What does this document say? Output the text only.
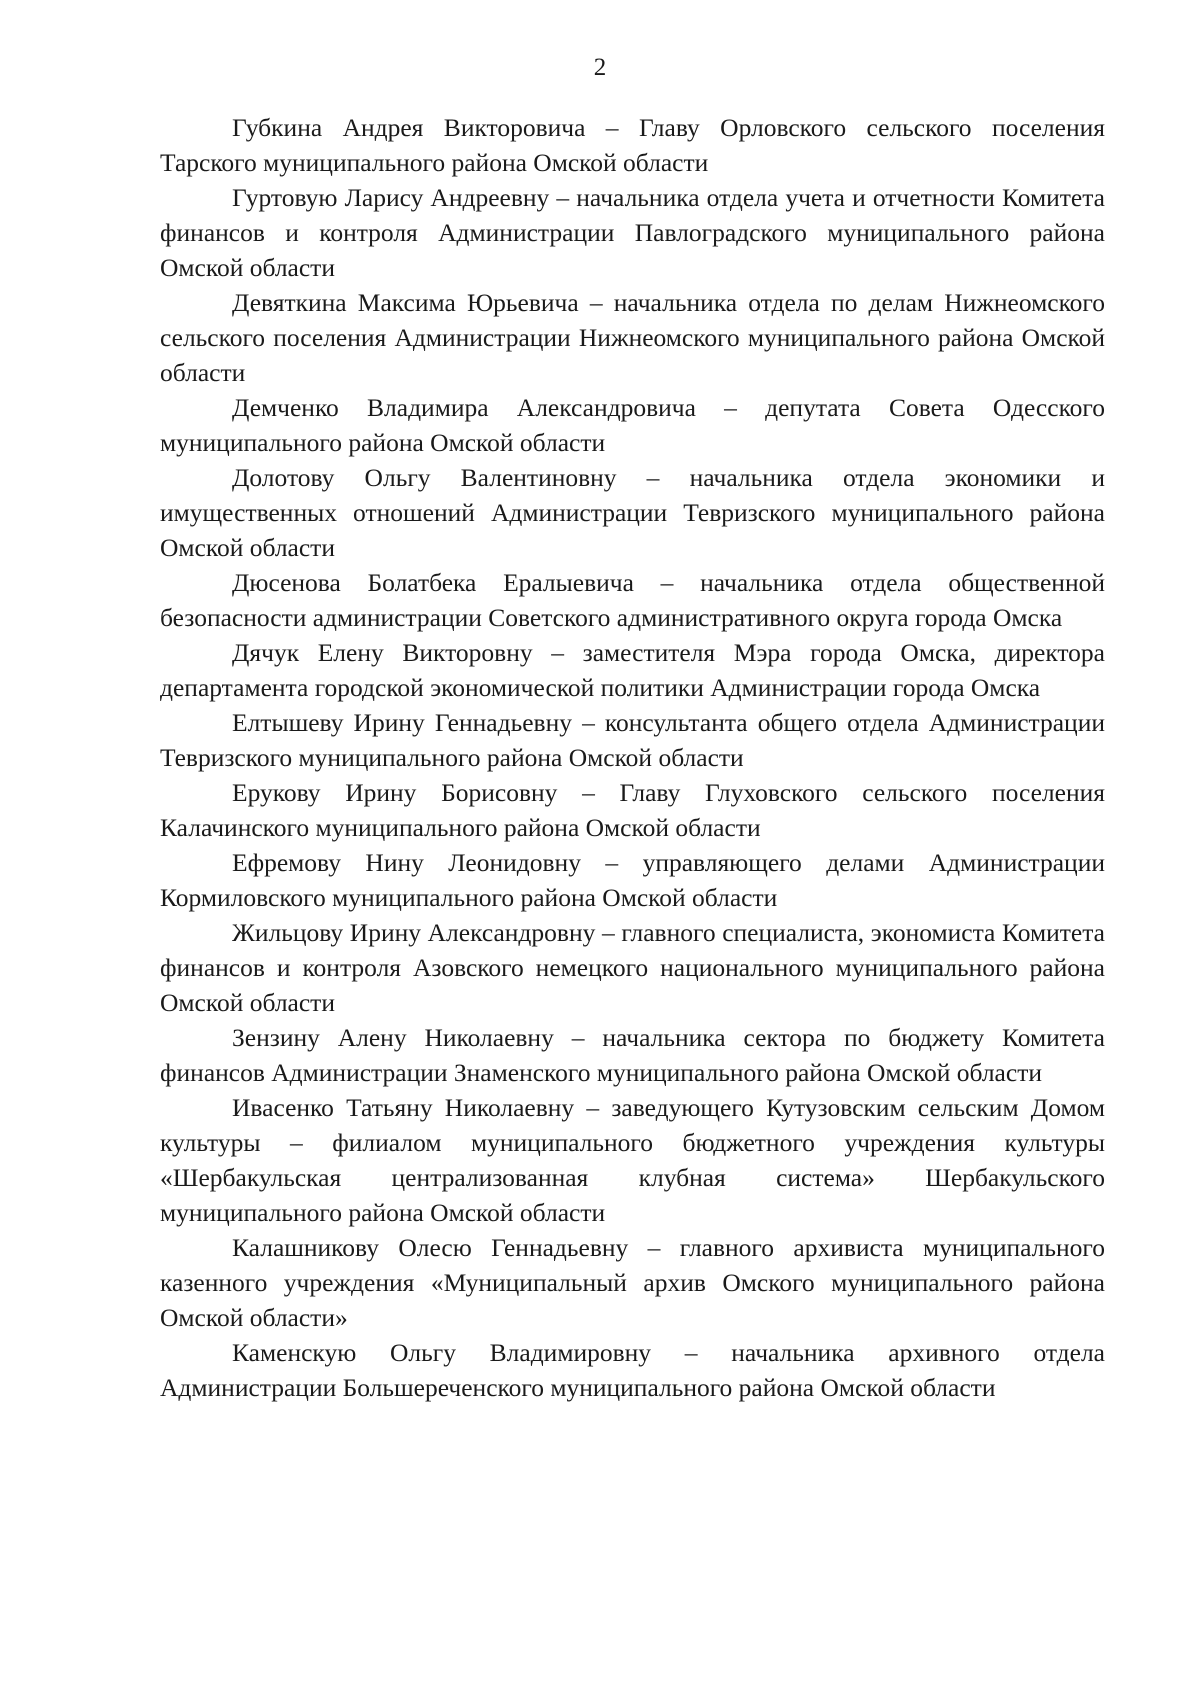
2

Губкина Андрея Викторовича – Главу Орловского сельского поселения Тарского муниципального района Омской области

Гуртовую Ларису Андреевну – начальника отдела учета и отчетности Комитета финансов и контроля Администрации Павлоградского муниципального района Омской области

Девяткина Максима Юрьевича – начальника отдела по делам Нижнеомского сельского поселения Администрации Нижнеомского муниципального района Омской области

Демченко Владимира Александровича – депутата Совета Одесского муниципального района Омской области

Долотову Ольгу Валентиновну – начальника отдела экономики и имущественных отношений Администрации Тевризского муниципального района Омской области

Дюсенова Болатбека Ералыевича – начальника отдела общественной безопасности администрации Советского административного округа города Омска

Дячук Елену Викторовну – заместителя Мэра города Омска, директора департамента городской экономической политики Администрации города Омска

Елтышеву Ирину Геннадьевну – консультанта общего отдела Администрации Тевризского муниципального района Омской области

Ерукову Ирину Борисовну – Главу Глуховского сельского поселения Калачинского муниципального района Омской области

Ефремову Нину Леонидовну – управляющего делами Администрации Кормиловского муниципального района Омской области

Жильцову Ирину Александровну – главного специалиста, экономиста Комитета финансов и контроля Азовского немецкого национального муниципального района Омской области

Зензину Алену Николаевну – начальника сектора по бюджету Комитета финансов Администрации Знаменского муниципального района Омской области

Ивасенко Татьяну Николаевну – заведующего Кутузовским сельским Домом культуры – филиалом муниципального бюджетного учреждения культуры «Шербакульская централизованная клубная система» Шербакульского муниципального района Омской области

Калашникову Олесю Геннадьевну – главного архивиста муниципального казенного учреждения «Муниципальный архив Омского муниципального района Омской области»

Каменскую Ольгу Владимировну – начальника архивного отдела Администрации Большереченского муниципального района Омской области
